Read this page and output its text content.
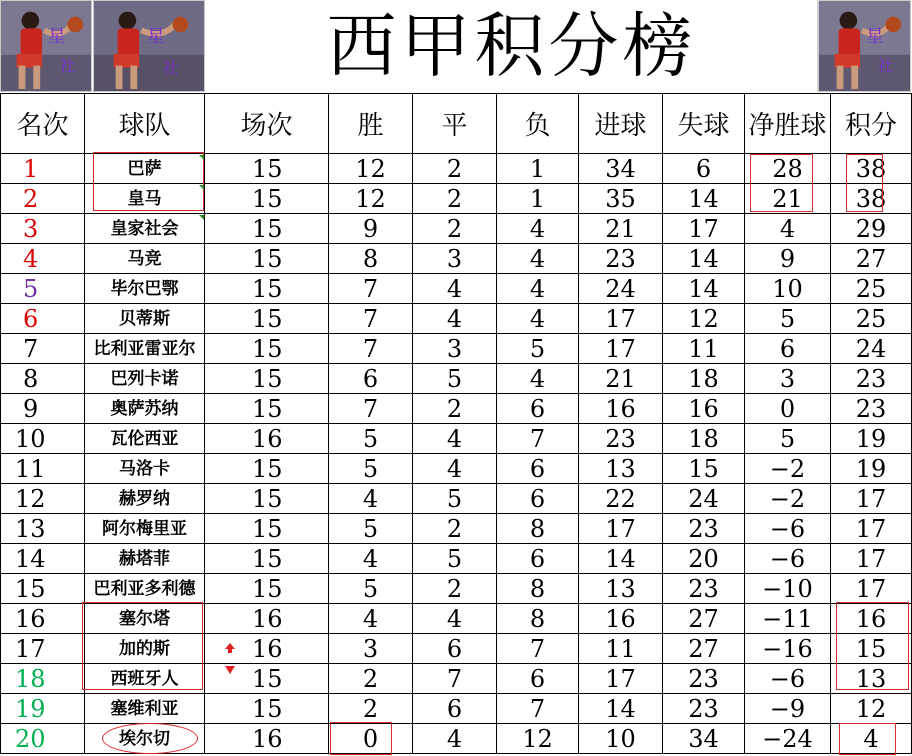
星
社
星
社	西甲积分榜	星
社
名次	球队	场次	胜	平	负	进球	失球	净胜球	积分
1	巴萨	15	12	2	1	34	6	28	38
2	皇马	15	12	2	1	35	14	21	38
3	皇家社会	15	9	2	4	21	17	4	29
4	马竞	15	8	3	4	23	14	9	27
5	毕尔巴鄂	15	7	4	4	24	14	10	25
6	贝蒂斯	15	7	4	4	17	12	5	25
7	比利亚雷亚尔	15	7	3	5	17	11	6	24
8	巴列卡诺	15	6	5	4	21	18	3	23
9	奥萨苏纳	15	7	2	6	16	16	0	23
10	瓦伦西亚	16	5	4	7	23	18	5	19
11	马洛卡	15	5	4	6	13	15	−2	19
12	赫罗纳	15	4	5	6	22	24	−2	17
13	阿尔梅里亚	15	5	2	8	17	23	−6	17
14	赫塔菲	15	4	5	6	14	20	−6	17
15	巴利亚多利德	15	5	2	8	13	23	−10	17
16	塞尔塔	16	4	4	8	16	27	−11	16
17	加的斯	16	3	6	7	11	27	−16	15
18	西班牙人	15	2	7	6	17	23	−6	13
19	塞维利亚	15	2	6	7	14	23	−9	12
20	埃尔切	16	0	4	12	10	34	−24	4
